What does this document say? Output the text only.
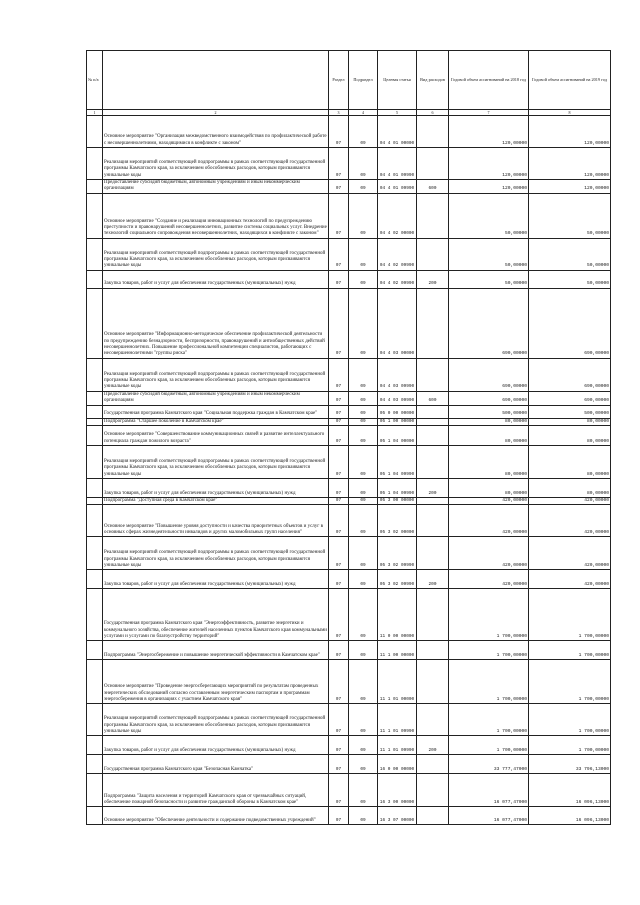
№ п/а		Раздел	Подраздел	Целевая статья	Вид расходов	Годовой объем ассигнований на 2018 год	Годовой объем ассигнований на 2019 год
1	2	3	4	5	6	7	8
	Основное мероприятие "Организация межведомственного взаимодействия по профилактической работе с несовершеннолетними, находящимися в конфликте с законом"	07	09	04 4 01 00000		120,00000	120,00000
	Реализация мероприятий соответствующей подпрограммы в рамках соответствующей государственной программы Камчатского края, за исключением обособленных расходов, которым присваиваются уникальные коды	07	09	04 4 01 09990		120,00000	120,00000
	Предоставление субсидий бюджетным, автономным учреждениям и иным некоммерческим организациям	07	09	04 4 01 09990	600	120,00000	120,00000
	Основное мероприятие "Создание и реализация инновационных технологий по предупреждению преступности и правонарушений несовершеннолетних, развитие системы социальных услуг. Внедрение технологий социального сопровождения несовершеннолетних, находящихся в конфликте с законом"	07	09	04 4 02 00000		50,00000	50,00000
	Реализация мероприятий соответствующей подпрограммы в рамках соответствующей государственной программы Камчатского края, за исключением обособленных расходов, которым присваиваются уникальные коды	07	09	04 4 02 09990		50,00000	50,00000
	Закупка товаров, работ и услуг для обеспечения государственных (муниципальных) нужд	07	09	04 4 02 09990	200	50,00000	50,00000
	Основное мероприятие "Информационно-методическое обеспечение профилактической деятельности по предупреждению безнадзорности, беспризорности, правонарушений и антиобщественных действий несовершеннолетних. Повышение профессиональной компетенции специалистов, работающих с несовершеннолетними "группы риска"	07	09	04 4 03 00000		690,00000	690,00000
	Реализация мероприятий соответствующей подпрограммы в рамках соответствующей государственной программы Камчатского края, за исключением обособленных расходов, которым присваиваются уникальные коды	07	09	04 4 03 09990		690,00000	690,00000
	Предоставление субсидий бюджетным, автономным учреждениям и иным некоммерческим организациям	07	09	04 4 03 09990	600	690,00000	690,00000
	Государственная программа Камчатского края "Социальная поддержка граждан в Камчатском крае"	07	09	05 0 00 00000		500,00000	500,00000
	Подпрограмма "Старшее поколение в Камчатском крае"	07	09	05 1 00 00000		80,00000	80,00000
	Основное мероприятие "Совершенствование коммуникационных связей и развитие интеллектуального потенциала граждан пожилого возраста"	07	09	05 1 04 00000		80,00000	80,00000
	Реализация мероприятий соответствующей подпрограммы в рамках соответствующей государственной программы Камчатского края, за исключением обособленных расходов, которым присваиваются уникальные коды	07	09	05 1 04 09990		80,00000	80,00000
	Закупка товаров, работ и услуг для обеспечения государственных (муниципальных) нужд	07	09	05 1 04 09990	200	80,00000	80,00000
	Подпрограмма "Доступная среда в Камчатском крае"	07	09	05 3 00 00000		420,00000	420,00000
	Основное мероприятие "Повышение уровня доступности и качества приоритетных объектов и услуг в основных сферах жизнедеятельности инвалидов и других маломобильных групп населения"	07	09	05 3 02 00000		420,00000	420,00000
	Реализация мероприятий соответствующей подпрограммы в рамках соответствующей государственной программы Камчатского края, за исключением обособленных расходов, которым присваиваются уникальные коды	07	09	05 3 02 09990		420,00000	420,00000
	Закупка товаров, работ и услуг для обеспечения государственных (муниципальных) нужд	07	09	05 3 02 09990	200	420,00000	420,00000
	Государственная программа Камчатского края "Энергоэффективность, развитие энергетики и коммунального хозяйства, обеспечение жителей населенных пунктов Камчатского края коммунальными услугами и услугами по благоустройству территорий"	07	09	11 0 00 00000		1 700,00000	1 700,00000
	Подпрограмма "Энергосбережение и повышение энергетической эффективности в Камчатском крае"	07	09	11 1 00 00000		1 700,00000	1 700,00000
	Основное мероприятие "Проведение энергосберегающих мероприятий по результатам проведенных энергетических обследований согласно составленным энергетическим паспортам и программам энергосбережения в организациях с участием Камчатского края"	07	09	11 1 01 00000		1 700,00000	1 700,00000
	Реализация мероприятий соответствующей подпрограммы в рамках соответствующей государственной программы Камчатского края, за исключением обособленных расходов, которым присваиваются уникальные коды	07	09	11 1 01 09990		1 700,00000	1 700,00000
	Закупка товаров, работ и услуг для обеспечения государственных (муниципальных) нужд	07	09	11 1 01 09990	200	1 700,00000	1 700,00000
	Государственная программа Камчатского края "Безопасная Камчатка"	07	09	16 0 00 00000		33 777,47000	33 796,13000
	Подпрограмма "Защита населения и территорий Камчатского края от чрезвычайных ситуаций, обеспечение пожарной безопасности и развитие гражданской обороны в Камчатском крае"	07	09	16 3 00 00000		16 077,47000	16 096,13000
	Основное мероприятие "Обеспечение деятельности и содержание подведомственных учреждений"	07	09	16 3 07 00000		16 077,47000	16 096,13000
